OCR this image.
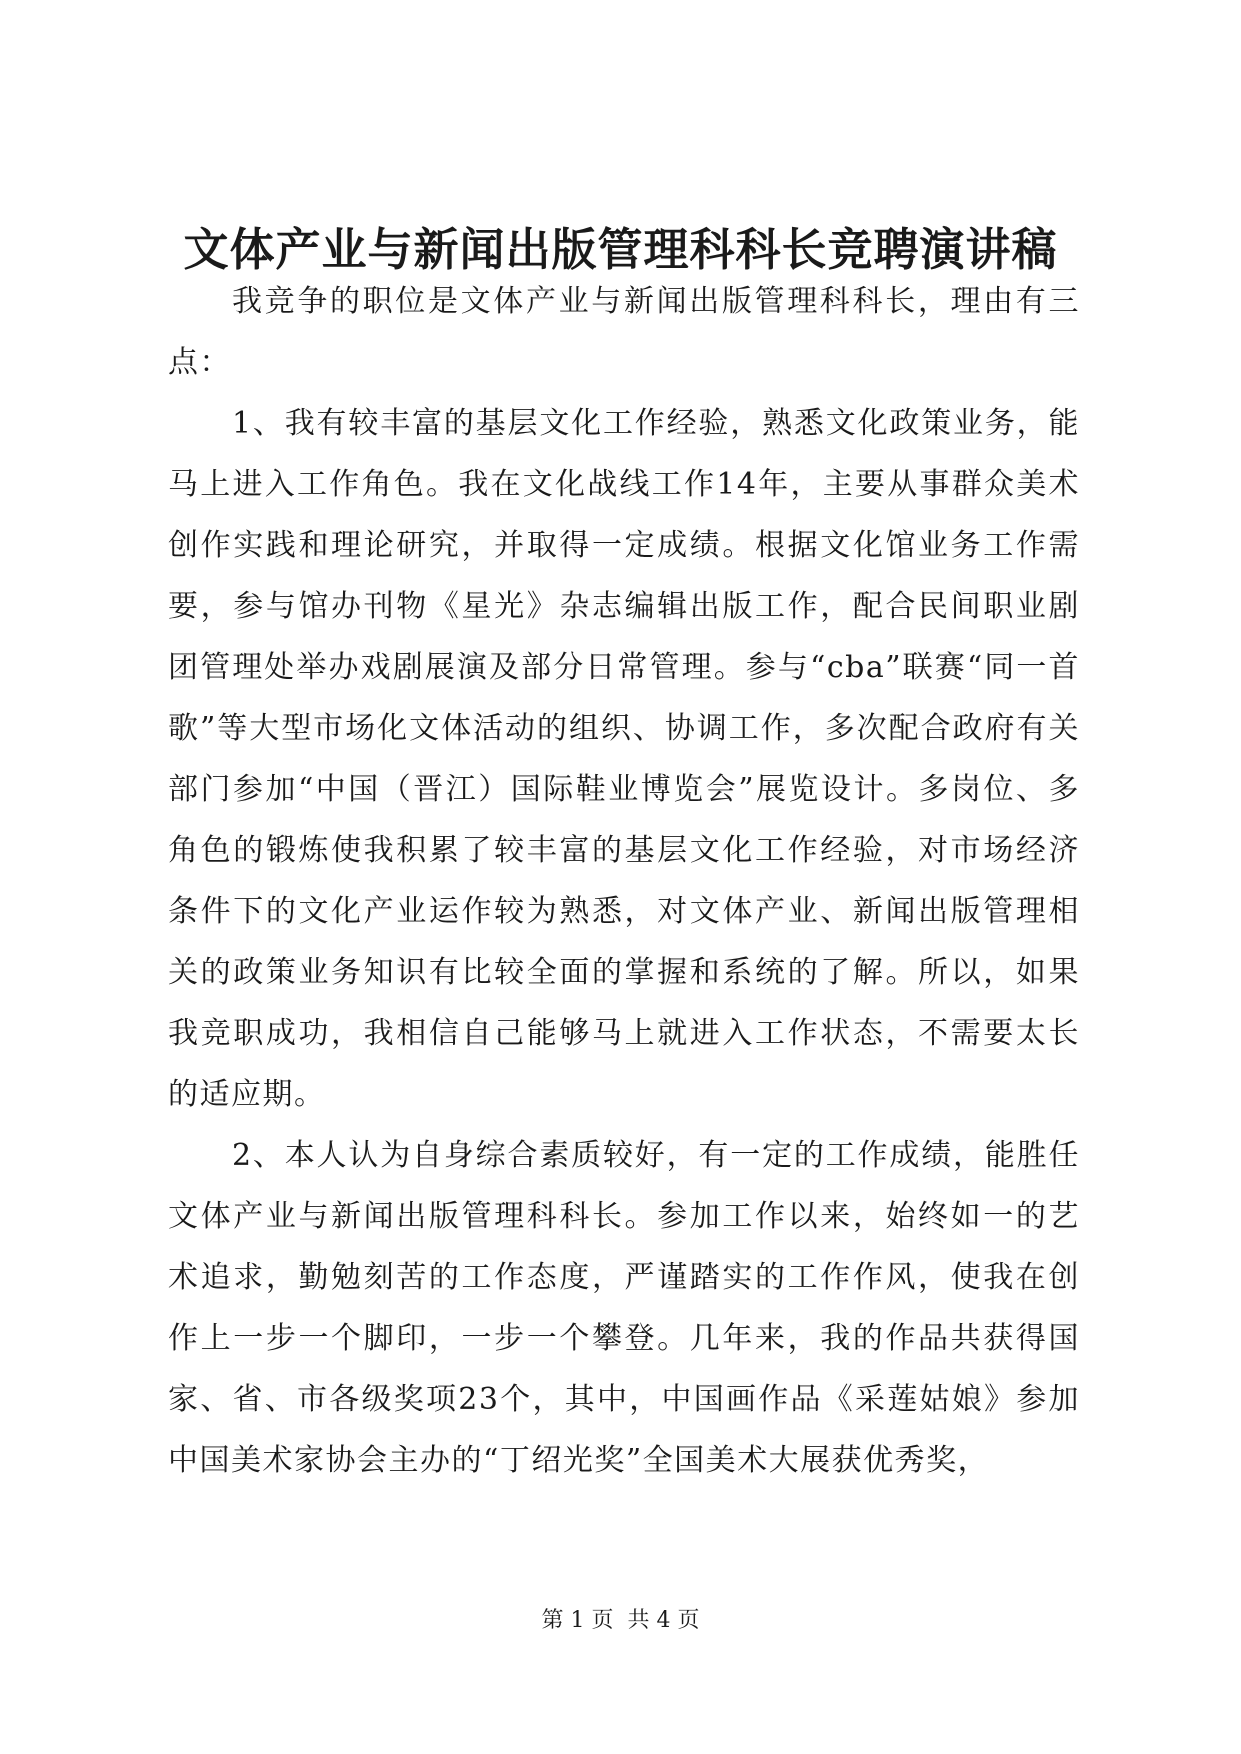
文体产业与新闻出版管理科科长竞聘演讲稿

我竞争的职位是文体产业与新闻出版管理科科长，理由有三点：

1、我有较丰富的基层文化工作经验，熟悉文化政策业务，能马上进入工作角色。我在文化战线工作14年，主要从事群众美术创作实践和理论研究，并取得一定成绩。根据文化馆业务工作需要，参与馆办刊物《星光》杂志编辑出版工作，配合民间职业剧团管理处举办戏剧展演及部分日常管理。参与“cba”联赛“同一首歌”等大型市场化文体活动的组织、协调工作，多次配合政府有关部门参加“中国（晋江）国际鞋业博览会”展览设计。多岗位、多角色的锻炼使我积累了较丰富的基层文化工作经验，对市场经济条件下的文化产业运作较为熟悉，对文体产业、新闻出版管理相关的政策业务知识有比较全面的掌握和系统的了解。所以，如果我竞职成功，我相信自己能够马上就进入工作状态，不需要太长的适应期。

2、本人认为自身综合素质较好，有一定的工作成绩，能胜任文体产业与新闻出版管理科科长。参加工作以来，始终如一的艺术追求，勤勉刻苦的工作态度，严谨踏实的工作作风，使我在创作上一步一个脚印，一步一个攀登。几年来，我的作品共获得国家、省、市各级奖项23个，其中，中国画作品《采莲姑娘》参加中国美术家协会主办的“丁绍光奖”全国美术大展获优秀奖，

第 1 页  共 4 页
